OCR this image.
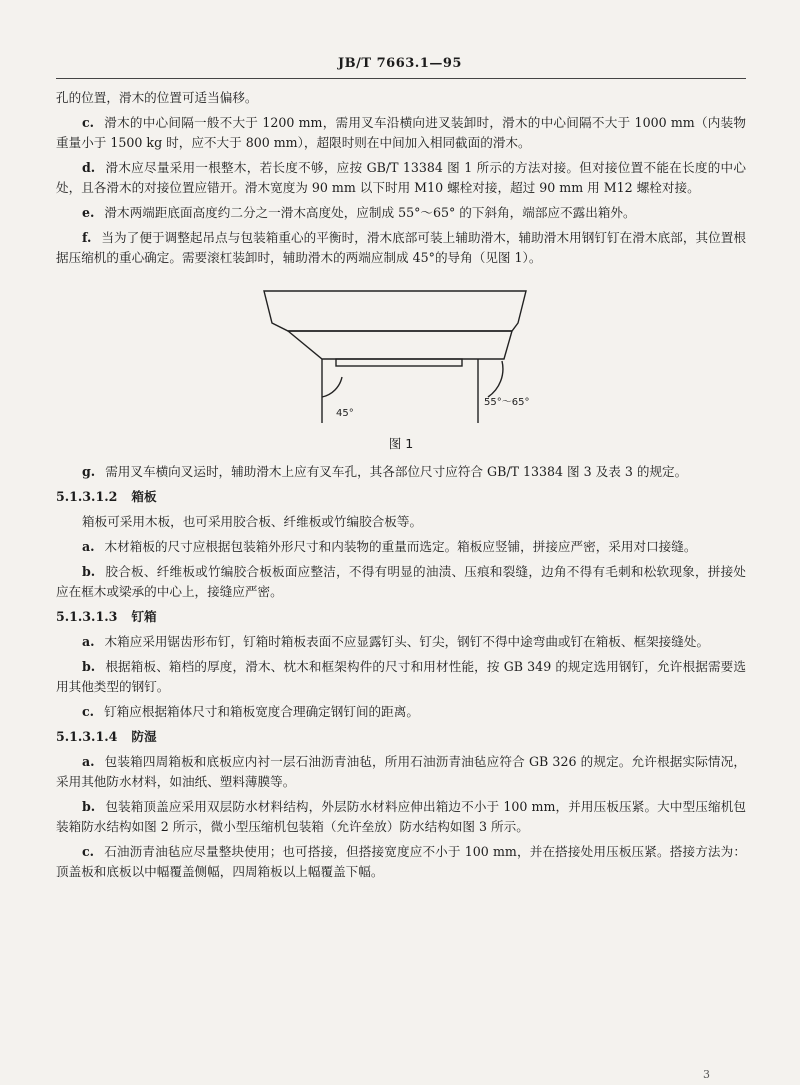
JB/T 7663.1—95

孔的位置，滑木的位置可适当偏移。

c. 滑木的中心间隔一般不大于 1200 mm，需用叉车沿横向进叉装卸时，滑木的中心间隔不大于 1000 mm（内装物重量小于 1500 kg 时，应不大于 800 mm），超限时则在中间加入相同截面的滑木。

d. 滑木应尽量采用一根整木，若长度不够，应按 GB/T 13384 图 1 所示的方法对接。但对接位置不能在长度的中心处，且各滑木的对接位置应错开。滑木宽度为 90 mm 以下时用 M10 螺栓对接，超过 90 mm 用 M12 螺栓对接。

e. 滑木两端距底面高度约二分之一滑木高度处，应制成 55°～65° 的下斜角，端部应不露出箱外。

f. 当为了便于调整起吊点与包装箱重心的平衡时，滑木底部可装上辅助滑木，辅助滑木用钢钉钉在滑木底部，其位置根据压缩机的重心确定。需要滚杠装卸时，辅助滑木的两端应制成 45°的导角（见图 1）。

45°
55°～65°
图 1

g. 需用叉车横向叉运时，辅助滑木上应有叉车孔，其各部位尺寸应符合 GB/T 13384 图 3 及表 3 的规定。

5.1.3.1.2 箱板

箱板可采用木板，也可采用胶合板、纤维板或竹编胶合板等。

a. 木材箱板的尺寸应根据包装箱外形尺寸和内装物的重量而选定。箱板应竖铺，拼接应严密，采用对口接缝。

b. 胶合板、纤维板或竹编胶合板板面应整洁，不得有明显的油渍、压痕和裂缝，边角不得有毛刺和松软现象，拼接处应在框木或梁承的中心上，接缝应严密。

5.1.3.1.3 钉箱

a. 木箱应采用锯齿形布钉，钉箱时箱板表面不应显露钉头、钉尖，钢钉不得中途弯曲或钉在箱板、框架接缝处。

b. 根据箱板、箱档的厚度，滑木、枕木和框架构件的尺寸和用材性能，按 GB 349 的规定选用钢钉，允许根据需要选用其他类型的钢钉。

c. 钉箱应根据箱体尺寸和箱板宽度合理确定钢钉间的距离。

5.1.3.1.4 防湿

a. 包装箱四周箱板和底板应内衬一层石油沥青油毡，所用石油沥青油毡应符合 GB 326 的规定。允许根据实际情况，采用其他防水材料，如油纸、塑料薄膜等。

b. 包装箱顶盖应采用双层防水材料结构，外层防水材料应伸出箱边不小于 100 mm，并用压板压紧。大中型压缩机包装箱防水结构如图 2 所示，微小型压缩机包装箱（允许垒放）防水结构如图 3 所示。

c. 石油沥青油毡应尽量整块使用；也可搭接，但搭接宽度应不小于 100 mm，并在搭接处用压板压紧。搭接方法为：顶盖板和底板以中幅覆盖侧幅，四周箱板以上幅覆盖下幅。

3
